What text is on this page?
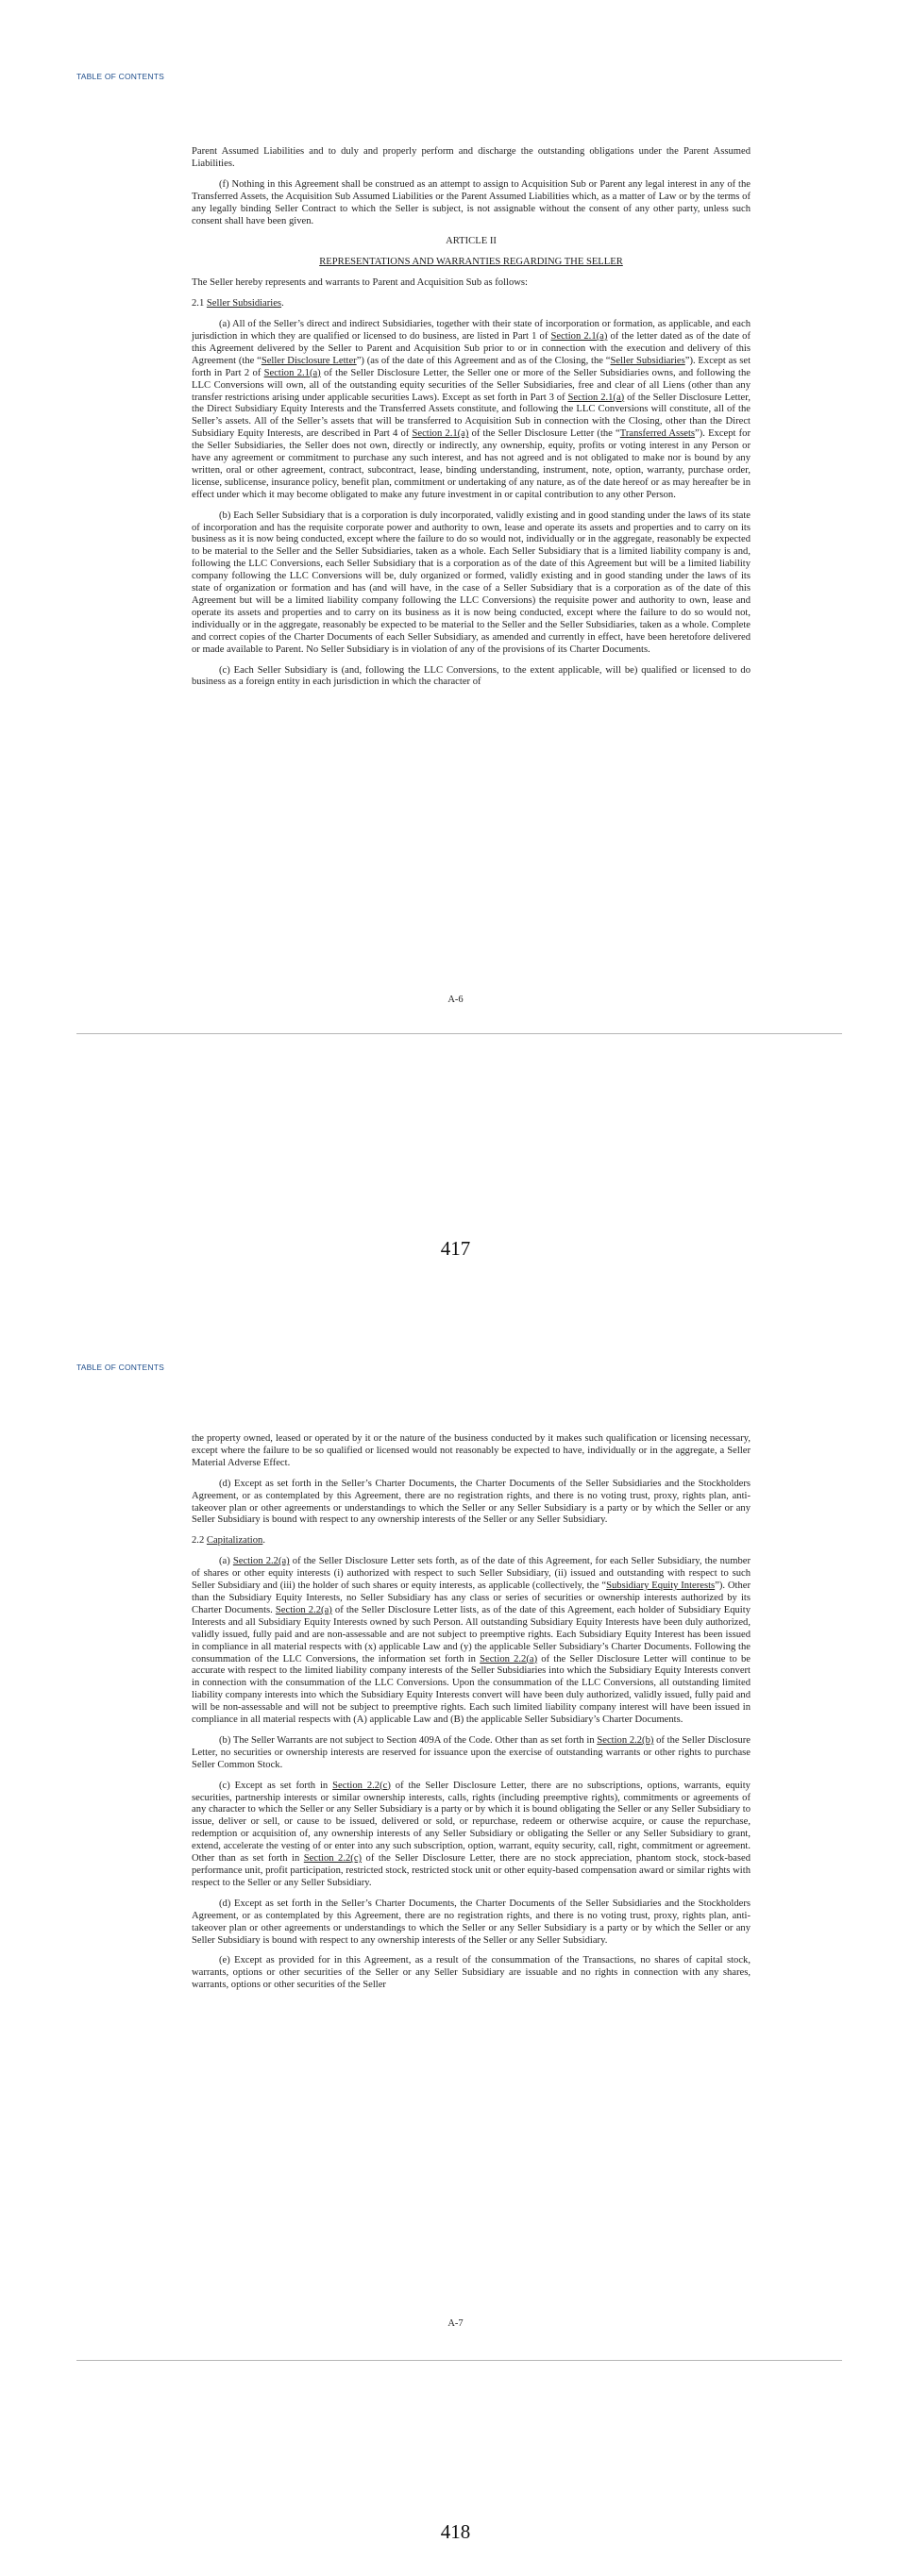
TABLE OF CONTENTS

Parent Assumed Liabilities and to duly and properly perform and discharge the outstanding obligations under the Parent Assumed Liabilities.

(f) Nothing in this Agreement shall be construed as an attempt to assign to Acquisition Sub or Parent any legal interest in any of the Transferred Assets, the Acquisition Sub Assumed Liabilities or the Parent Assumed Liabilities which, as a matter of Law or by the terms of any legally binding Seller Contract to which the Seller is subject, is not assignable without the consent of any other party, unless such consent shall have been given.

ARTICLE II

REPRESENTATIONS AND WARRANTIES REGARDING THE SELLER

The Seller hereby represents and warrants to Parent and Acquisition Sub as follows:

2.1 Seller Subsidiaries.

(a) All of the Seller’s direct and indirect Subsidiaries, together with their state of incorporation or formation, as applicable, and each jurisdiction in which they are qualified or licensed to do business, are listed in Part 1 of Section 2.1(a) of the letter dated as of the date of this Agreement delivered by the Seller to Parent and Acquisition Sub prior to or in connection with the execution and delivery of this Agreement (the “Seller Disclosure Letter”) (as of the date of this Agreement and as of the Closing, the “Seller Subsidiaries”). Except as set forth in Part 2 of Section 2.1(a) of the Seller Disclosure Letter, the Seller one or more of the Seller Subsidiaries owns, and following the LLC Conversions will own, all of the outstanding equity securities of the Seller Subsidiaries, free and clear of all Liens (other than any transfer restrictions arising under applicable securities Laws). Except as set forth in Part 3 of Section 2.1(a) of the Seller Disclosure Letter, the Direct Subsidiary Equity Interests and the Transferred Assets constitute, and following the LLC Conversions will constitute, all of the Seller’s assets. All of the Seller’s assets that will be transferred to Acquisition Sub in connection with the Closing, other than the Direct Subsidiary Equity Interests, are described in Part 4 of Section 2.1(a) of the Seller Disclosure Letter (the “Transferred Assets”). Except for the Seller Subsidiaries, the Seller does not own, directly or indirectly, any ownership, equity, profits or voting interest in any Person or have any agreement or commitment to purchase any such interest, and has not agreed and is not obligated to make nor is bound by any written, oral or other agreement, contract, subcontract, lease, binding understanding, instrument, note, option, warranty, purchase order, license, sublicense, insurance policy, benefit plan, commitment or undertaking of any nature, as of the date hereof or as may hereafter be in effect under which it may become obligated to make any future investment in or capital contribution to any other Person.

(b) Each Seller Subsidiary that is a corporation is duly incorporated, validly existing and in good standing under the laws of its state of incorporation and has the requisite corporate power and authority to own, lease and operate its assets and properties and to carry on its business as it is now being conducted, except where the failure to do so would not, individually or in the aggregate, reasonably be expected to be material to the Seller and the Seller Subsidiaries, taken as a whole. Each Seller Subsidiary that is a limited liability company is and, following the LLC Conversions, each Seller Subsidiary that is a corporation as of the date of this Agreement but will be a limited liability company following the LLC Conversions will be, duly organized or formed, validly existing and in good standing under the laws of its state of organization or formation and has (and will have, in the case of a Seller Subsidiary that is a corporation as of the date of this Agreement but will be a limited liability company following the LLC Conversions) the requisite power and authority to own, lease and operate its assets and properties and to carry on its business as it is now being conducted, except where the failure to do so would not, individually or in the aggregate, reasonably be expected to be material to the Seller and the Seller Subsidiaries, taken as a whole. Complete and correct copies of the Charter Documents of each Seller Subsidiary, as amended and currently in effect, have been heretofore delivered or made available to Parent. No Seller Subsidiary is in violation of any of the provisions of its Charter Documents.

(c) Each Seller Subsidiary is (and, following the LLC Conversions, to the extent applicable, will be) qualified or licensed to do business as a foreign entity in each jurisdiction in which the character of

A-6
417
TABLE OF CONTENTS

the property owned, leased or operated by it or the nature of the business conducted by it makes such qualification or licensing necessary, except where the failure to be so qualified or licensed would not reasonably be expected to have, individually or in the aggregate, a Seller Material Adverse Effect.

(d) Except as set forth in the Seller’s Charter Documents, the Charter Documents of the Seller Subsidiaries and the Stockholders Agreement, or as contemplated by this Agreement, there are no registration rights, and there is no voting trust, proxy, rights plan, anti-takeover plan or other agreements or understandings to which the Seller or any Seller Subsidiary is a party or by which the Seller or any Seller Subsidiary is bound with respect to any ownership interests of the Seller or any Seller Subsidiary.

2.2 Capitalization.

(a) Section 2.2(a) of the Seller Disclosure Letter sets forth, as of the date of this Agreement, for each Seller Subsidiary, the number of shares or other equity interests (i) authorized with respect to such Seller Subsidiary, (ii) issued and outstanding with respect to such Seller Subsidiary and (iii) the holder of such shares or equity interests, as applicable (collectively, the “Subsidiary Equity Interests”). Other than the Subsidiary Equity Interests, no Seller Subsidiary has any class or series of securities or ownership interests authorized by its Charter Documents. Section 2.2(a) of the Seller Disclosure Letter lists, as of the date of this Agreement, each holder of Subsidiary Equity Interests and all Subsidiary Equity Interests owned by such Person. All outstanding Subsidiary Equity Interests have been duly authorized, validly issued, fully paid and are non-assessable and are not subject to preemptive rights. Each Subsidiary Equity Interest has been issued in compliance in all material respects with (x) applicable Law and (y) the applicable Seller Subsidiary’s Charter Documents. Following the consummation of the LLC Conversions, the information set forth in Section 2.2(a) of the Seller Disclosure Letter will continue to be accurate with respect to the limited liability company interests of the Seller Subsidiaries into which the Subsidiary Equity Interests convert in connection with the consummation of the LLC Conversions. Upon the consummation of the LLC Conversions, all outstanding limited liability company interests into which the Subsidiary Equity Interests convert will have been duly authorized, validly issued, fully paid and will be non-assessable and will not be subject to preemptive rights. Each such limited liability company interest will have been issued in compliance in all material respects with (A) applicable Law and (B) the applicable Seller Subsidiary’s Charter Documents.

(b) The Seller Warrants are not subject to Section 409A of the Code. Other than as set forth in Section 2.2(b) of the Seller Disclosure Letter, no securities or ownership interests are reserved for issuance upon the exercise of outstanding warrants or other rights to purchase Seller Common Stock.

(c) Except as set forth in Section 2.2(c) of the Seller Disclosure Letter, there are no subscriptions, options, warrants, equity securities, partnership interests or similar ownership interests, calls, rights (including preemptive rights), commitments or agreements of any character to which the Seller or any Seller Subsidiary is a party or by which it is bound obligating the Seller or any Seller Subsidiary to issue, deliver or sell, or cause to be issued, delivered or sold, or repurchase, redeem or otherwise acquire, or cause the repurchase, redemption or acquisition of, any ownership interests of any Seller Subsidiary or obligating the Seller or any Seller Subsidiary to grant, extend, accelerate the vesting of or enter into any such subscription, option, warrant, equity security, call, right, commitment or agreement. Other than as set forth in Section 2.2(c) of the Seller Disclosure Letter, there are no stock appreciation, phantom stock, stock-based performance unit, profit participation, restricted stock, restricted stock unit or other equity-based compensation award or similar rights with respect to the Seller or any Seller Subsidiary.

(d) Except as set forth in the Seller’s Charter Documents, the Charter Documents of the Seller Subsidiaries and the Stockholders Agreement, or as contemplated by this Agreement, there are no registration rights, and there is no voting trust, proxy, rights plan, anti-takeover plan or other agreements or understandings to which the Seller or any Seller Subsidiary is a party or by which the Seller or any Seller Subsidiary is bound with respect to any ownership interests of the Seller or any Seller Subsidiary.

(e) Except as provided for in this Agreement, as a result of the consummation of the Transactions, no shares of capital stock, warrants, options or other securities of the Seller or any Seller Subsidiary are issuable and no rights in connection with any shares, warrants, options or other securities of the Seller

A-7
418
